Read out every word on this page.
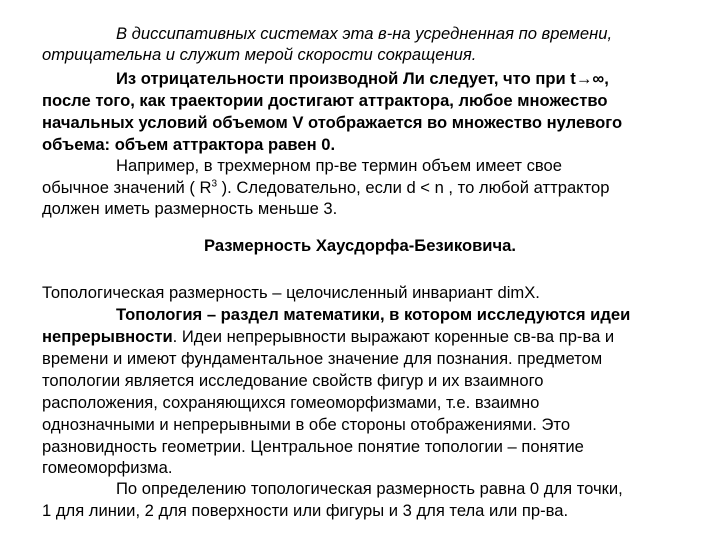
В диссипативных системах эта в-на усредненная по времени,
отрицательна и служит мерой скорости сокращения.
Из отрицательности производной Ли следует, что при t→∞,
после того, как траектории достигают аттрактора, любое множество
начальных условий объемом V отображается во множество нулевого
объема: объем аттрактора равен 0.
Например, в трехмерном пр-ве термин объем имеет свое
обычное значений ( $R^3$ ). Следовательно, если d < n , то любой аттрактор
должен иметь размерность меньше 3.
Размерность Хаусдорфа-Безиковича.
Топологическая размерность – целочисленный инвариант dimX.
Топология – раздел математики, в котором исследуются идеи
непрерывности. Идеи непрерывности выражают коренные св-ва пр-ва и
времени и имеют фундаментальное значение для познания. предметом
топологии является исследование свойств фигур и их взаимного
расположения, сохраняющихся гомеоморфизмами, т.е. взаимно
однозначными и непрерывными в обе стороны отображениями. Это
разновидность геометрии. Центральное понятие топологии – понятие
гомеоморфизма.
По определению топологическая размерность равна 0 для точки,
1 для линии, 2 для поверхности или фигуры и 3 для тела или пр-ва.
